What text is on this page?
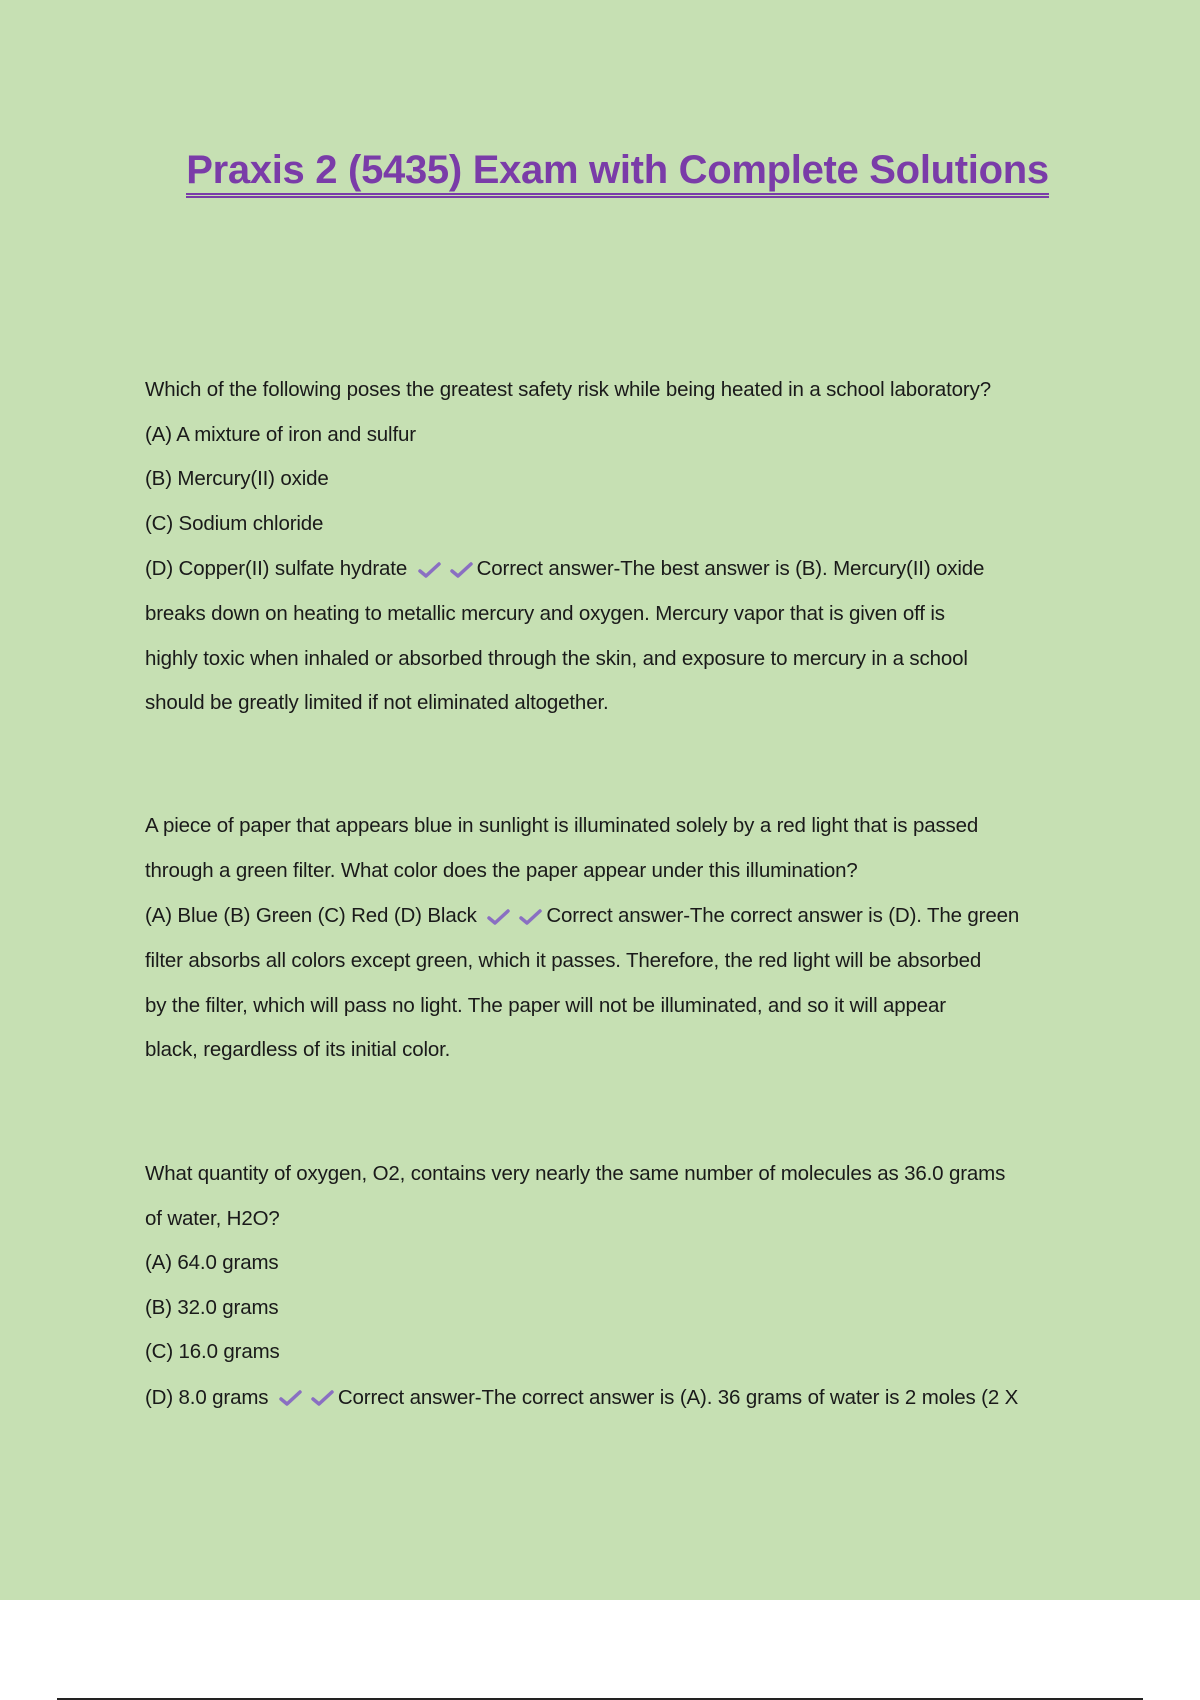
Praxis 2 (5435) Exam with Complete Solutions
Which of the following poses the greatest safety risk while being heated in a school laboratory?
(A) A mixture of iron and sulfur
(B) Mercury(II) oxide
(C) Sodium chloride
(D) Copper(II) sulfate hydrate	Correct answer-The best answer is (B). Mercury(II) oxide
breaks down on heating to metallic mercury and oxygen. Mercury vapor that is given off is
highly toxic when inhaled or absorbed through the skin, and exposure to mercury in a school
should be greatly limited if not eliminated altogether.
A piece of paper that appears blue in sunlight is illuminated solely by a red light that is passed
through a green filter. What color does the paper appear under this illumination?
(A) Blue (B) Green (C) Red (D) Black	Correct answer-The correct answer is (D). The green
filter absorbs all colors except green, which it passes. Therefore, the red light will be absorbed
by the filter, which will pass no light. The paper will not be illuminated, and so it will appear
black, regardless of its initial color.
What quantity of oxygen, O2, contains very nearly the same number of molecules as 36.0 grams
of water, H2O?
(A) 64.0 grams
(B) 32.0 grams
(C) 16.0 grams
(D) 8.0 grams	Correct answer-The correct answer is (A). 36 grams of water is 2 moles (2 X
